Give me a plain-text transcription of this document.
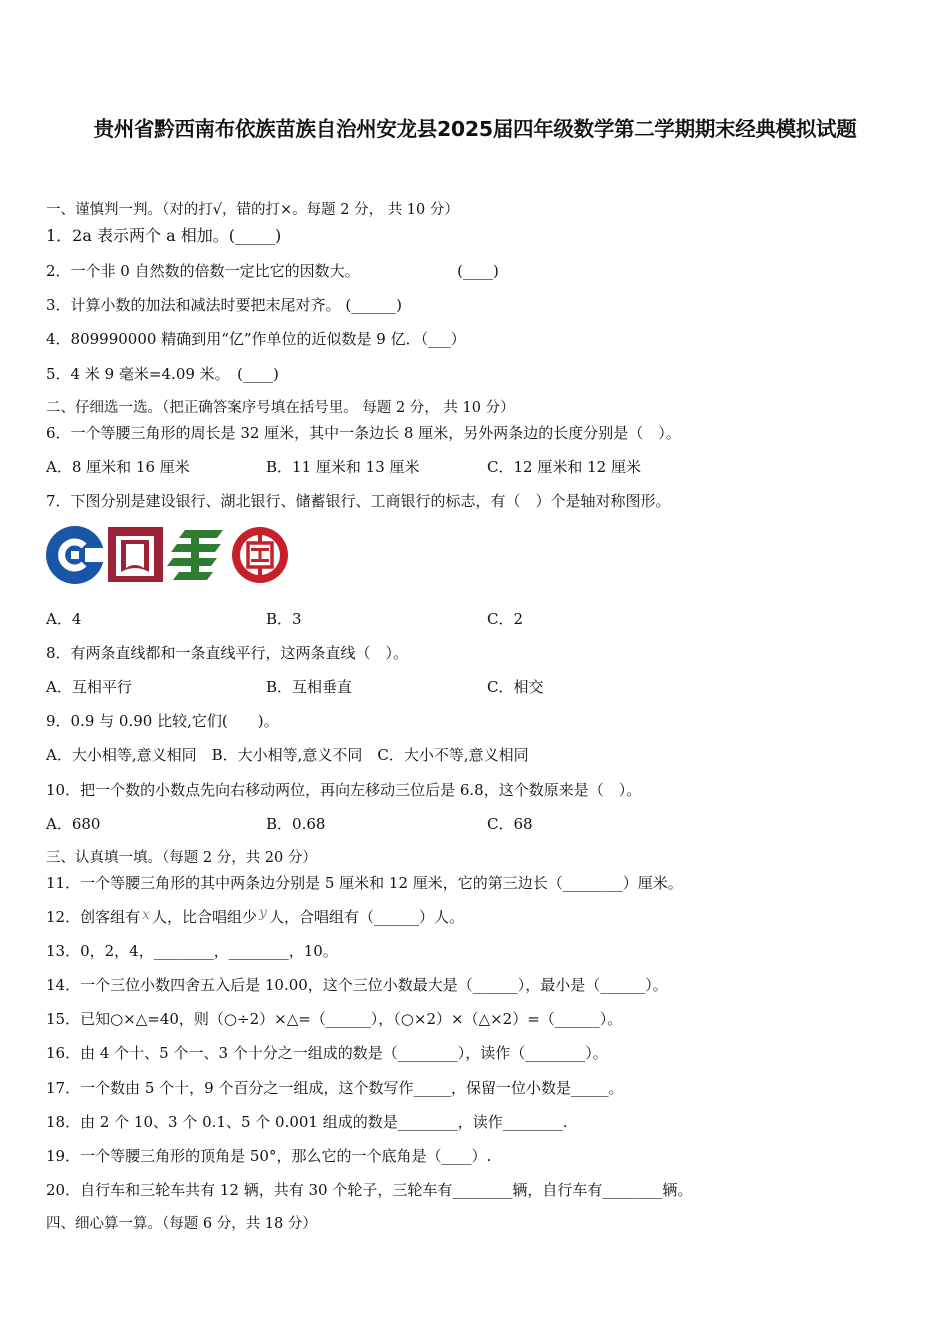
贵州省黔西南布依族苗族自治州安龙县2025届四年级数学第二学期期末经典模拟试题
一、谨慎判一判。（对的打√，错的打×。每题 2 分， 共 10 分）
1．2a 表示两个 a 相加。(_____)
2．一个非 0 自然数的倍数一定比它的因数大。　　　　　　　(____)
3．计算小数的加法和减法时要把末尾对齐。 (______)
4．809990000 精确到用“亿”作单位的近似数是 9 亿．（___）
5．4 米 9 毫米=4.09 米。　(____)
二、仔细选一选。（把正确答案序号填在括号里。 每题 2 分， 共 10 分）
6．一个等腰三角形的周长是 32 厘米，其中一条边长 8 厘米，另外两条边的长度分别是（　）。
A．8 厘米和 16 厘米	B．11 厘米和 13 厘米	C．12 厘米和 12 厘米
7．下图分别是建设银行、湖北银行、储蓄银行、工商银行的标志，有（　）个是轴对称图形。
A．4	B．3	C．2
8．有两条直线都和一条直线平行，这两条直线（　）。
A．互相平行	B．互相垂直	C．相交
9．0.9 与 0.90 比较,它们(　　)。
A．大小相等,意义相同　B．大小相等,意义不同　C．大小不等,意义相同
10．把一个数的小数点先向右移动两位，再向左移动三位后是 6.8，这个数原来是（　）。
A．680	B．0.68	C．68
三、认真填一填。（每题 2 分，共 20 分）
11．一个等腰三角形的其中两条边分别是 5 厘米和 12 厘米，它的第三边长（________）厘米。
12．创客组有 x 人，比合唱组少 y 人，合唱组有（______）人。
13．0，2，4，________，________，10。
14．一个三位小数四舍五入后是 10.00，这个三位小数最大是（______），最小是（______）。
15．已知○×△=40，则（○÷2）×△=（______），（○×2）×（△×2）=（______）。
16．由 4 个十、5 个一、3 个十分之一组成的数是（________），读作（________）。
17．一个数由 5 个十，9 个百分之一组成，这个数写作_____，保留一位小数是_____。
18．由 2 个 10、3 个 0.1、5 个 0.001 组成的数是________，读作________.
19．一个等腰三角形的顶角是 50°，那么它的一个底角是（____）.
20．自行车和三轮车共有 12 辆，共有 30 个轮子，三轮车有________辆，自行车有________辆。
四、细心算一算。（每题 6 分，共 18 分）
